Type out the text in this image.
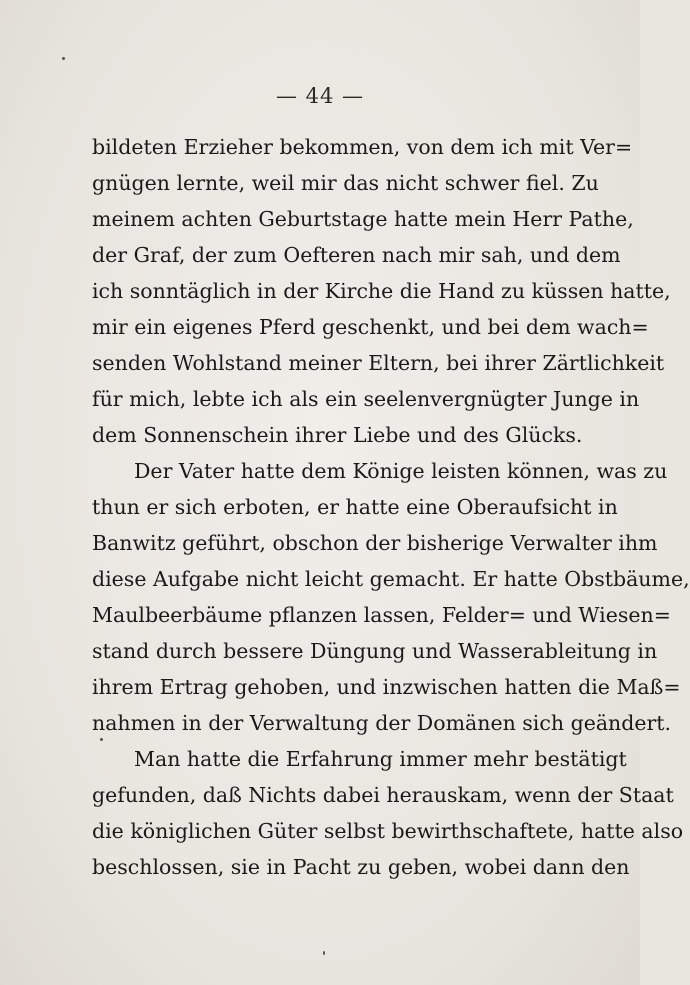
— 44 —
bildeten Erzieher bekommen, von dem ich mit Ver=
gnügen lernte, weil mir das nicht schwer fiel. Zu
meinem achten Geburtstage hatte mein Herr Pathe,
der Graf, der zum Oefteren nach mir sah, und dem
ich sonntäglich in der Kirche die Hand zu küssen hatte,
mir ein eigenes Pferd geschenkt, und bei dem wach=
senden Wohlstand meiner Eltern, bei ihrer Zärtlichkeit
für mich, lebte ich als ein seelenvergnügter Junge in
dem Sonnenschein ihrer Liebe und des Glücks.
Der Vater hatte dem Könige leisten können, was zu
thun er sich erboten, er hatte eine Oberaufsicht in
Banwitz geführt, obschon der bisherige Verwalter ihm
diese Aufgabe nicht leicht gemacht. Er hatte Obstbäume,
Maulbeerbäume pflanzen lassen, Felder= und Wiesen=
stand durch bessere Düngung und Wasserableitung in
ihrem Ertrag gehoben, und inzwischen hatten die Maß=
nahmen in der Verwaltung der Domänen sich geändert.
Man hatte die Erfahrung immer mehr bestätigt
gefunden, daß Nichts dabei herauskam, wenn der Staat
die königlichen Güter selbst bewirthschaftete, hatte also
beschlossen, sie in Pacht zu geben, wobei dann den
